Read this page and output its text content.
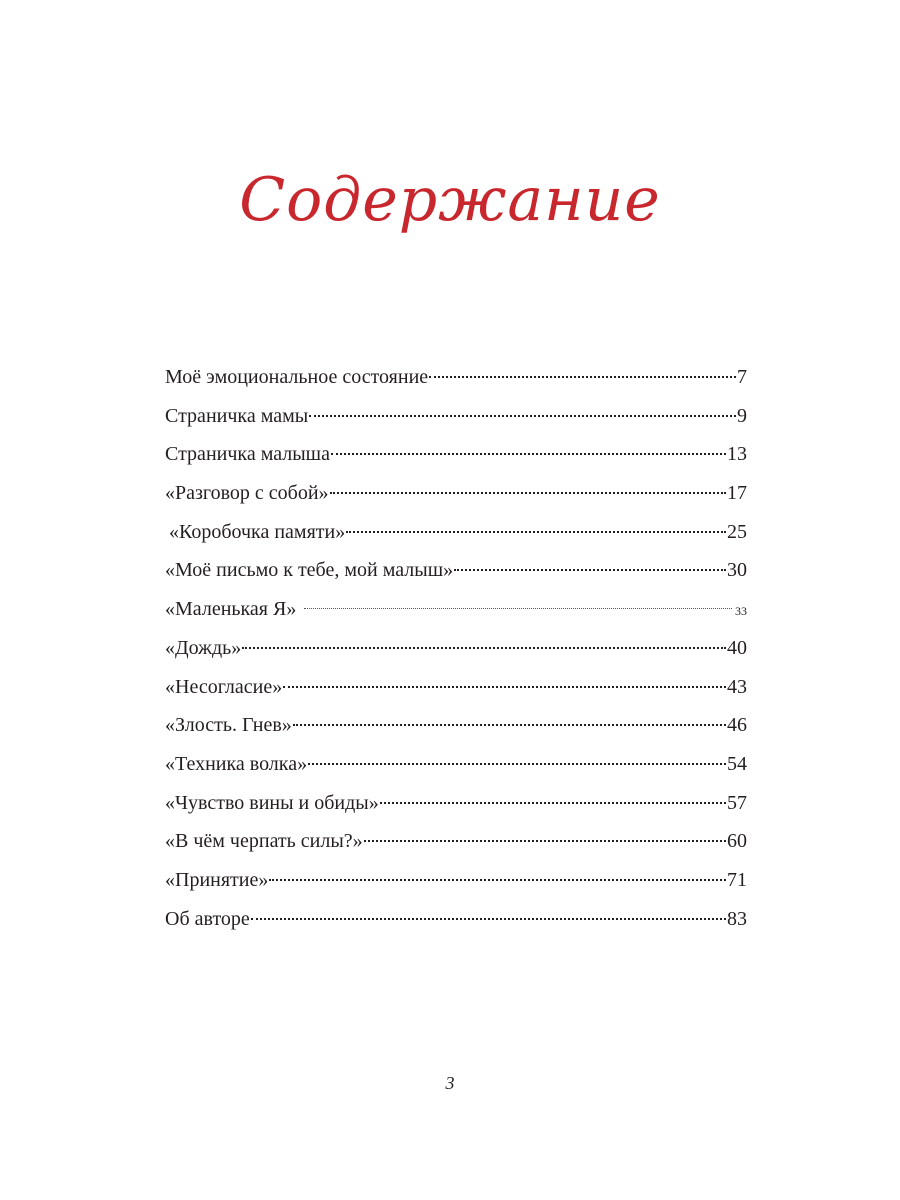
Содержание
Моё эмоциональное состояние	7
Страничка мамы	9
Страничка малыша	13
«Разговор с собой»	17
«Коробочка памяти»	25
«Моё письмо к тебе, мой малыш»	30
«Маленькая Я»	33
«Дождь»	40
«Несогласие»	43
«Злость. Гнев»	46
«Техника волка»	54
«Чувство вины и обиды»	57
«В чём черпать силы?»	60
«Принятие»	71
Об авторе	83
3
